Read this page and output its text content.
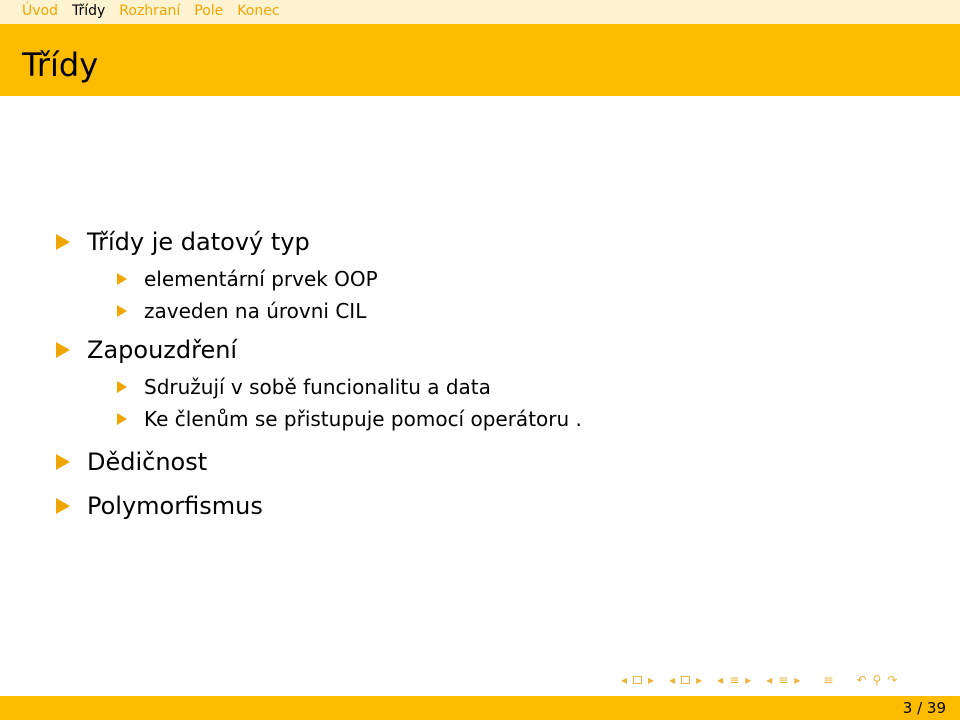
Úvod Třídy Rozhraní Pole Konec
Třídy
Třídy je datový typ
elementární prvek OOP
zaveden na úrovni CIL
Zapouzdření
Sdružují v sobě funcionalitu a data
Ke členům se přistupuje pomocí operátoru .
Dědičnost
Polymorfismus
◂ ▸ ◂ ▸ ◂ ≡ ▸ ◂ ≡ ▸ ≡ ↶ ⚲ ↷
3 / 39
